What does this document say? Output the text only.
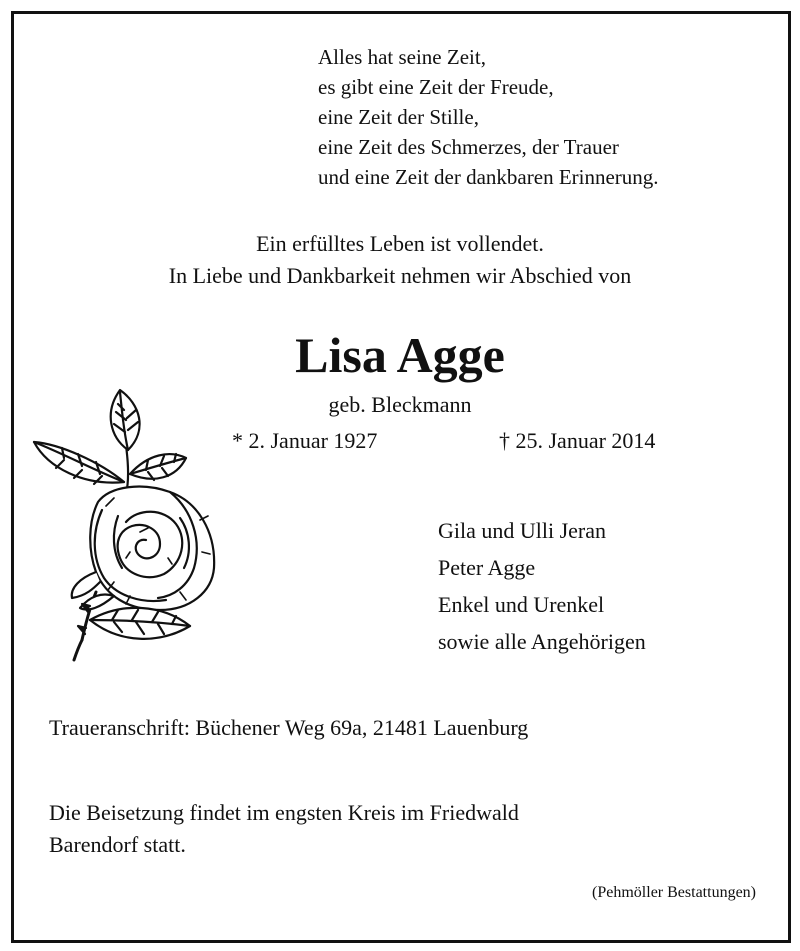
Alles hat seine Zeit,
es gibt eine Zeit der Freude,
eine Zeit der Stille,
eine Zeit des Schmerzes, der Trauer
und eine Zeit der dankbaren Erinnerung.
Ein erfülltes Leben ist vollendet.
In Liebe und Dankbarkeit nehmen wir Abschied von
Lisa Agge
geb. Bleckmann
* 2. Januar 1927	† 25. Januar 2014
Gila und Ulli Jeran
Peter Agge
Enkel und Urenkel
sowie alle Angehörigen
Traueranschrift: Büchener Weg 69a, 21481 Lauenburg
Die Beisetzung findet im engsten Kreis im Friedwald
Barendorf statt.
(Pehmöller Bestattungen)
